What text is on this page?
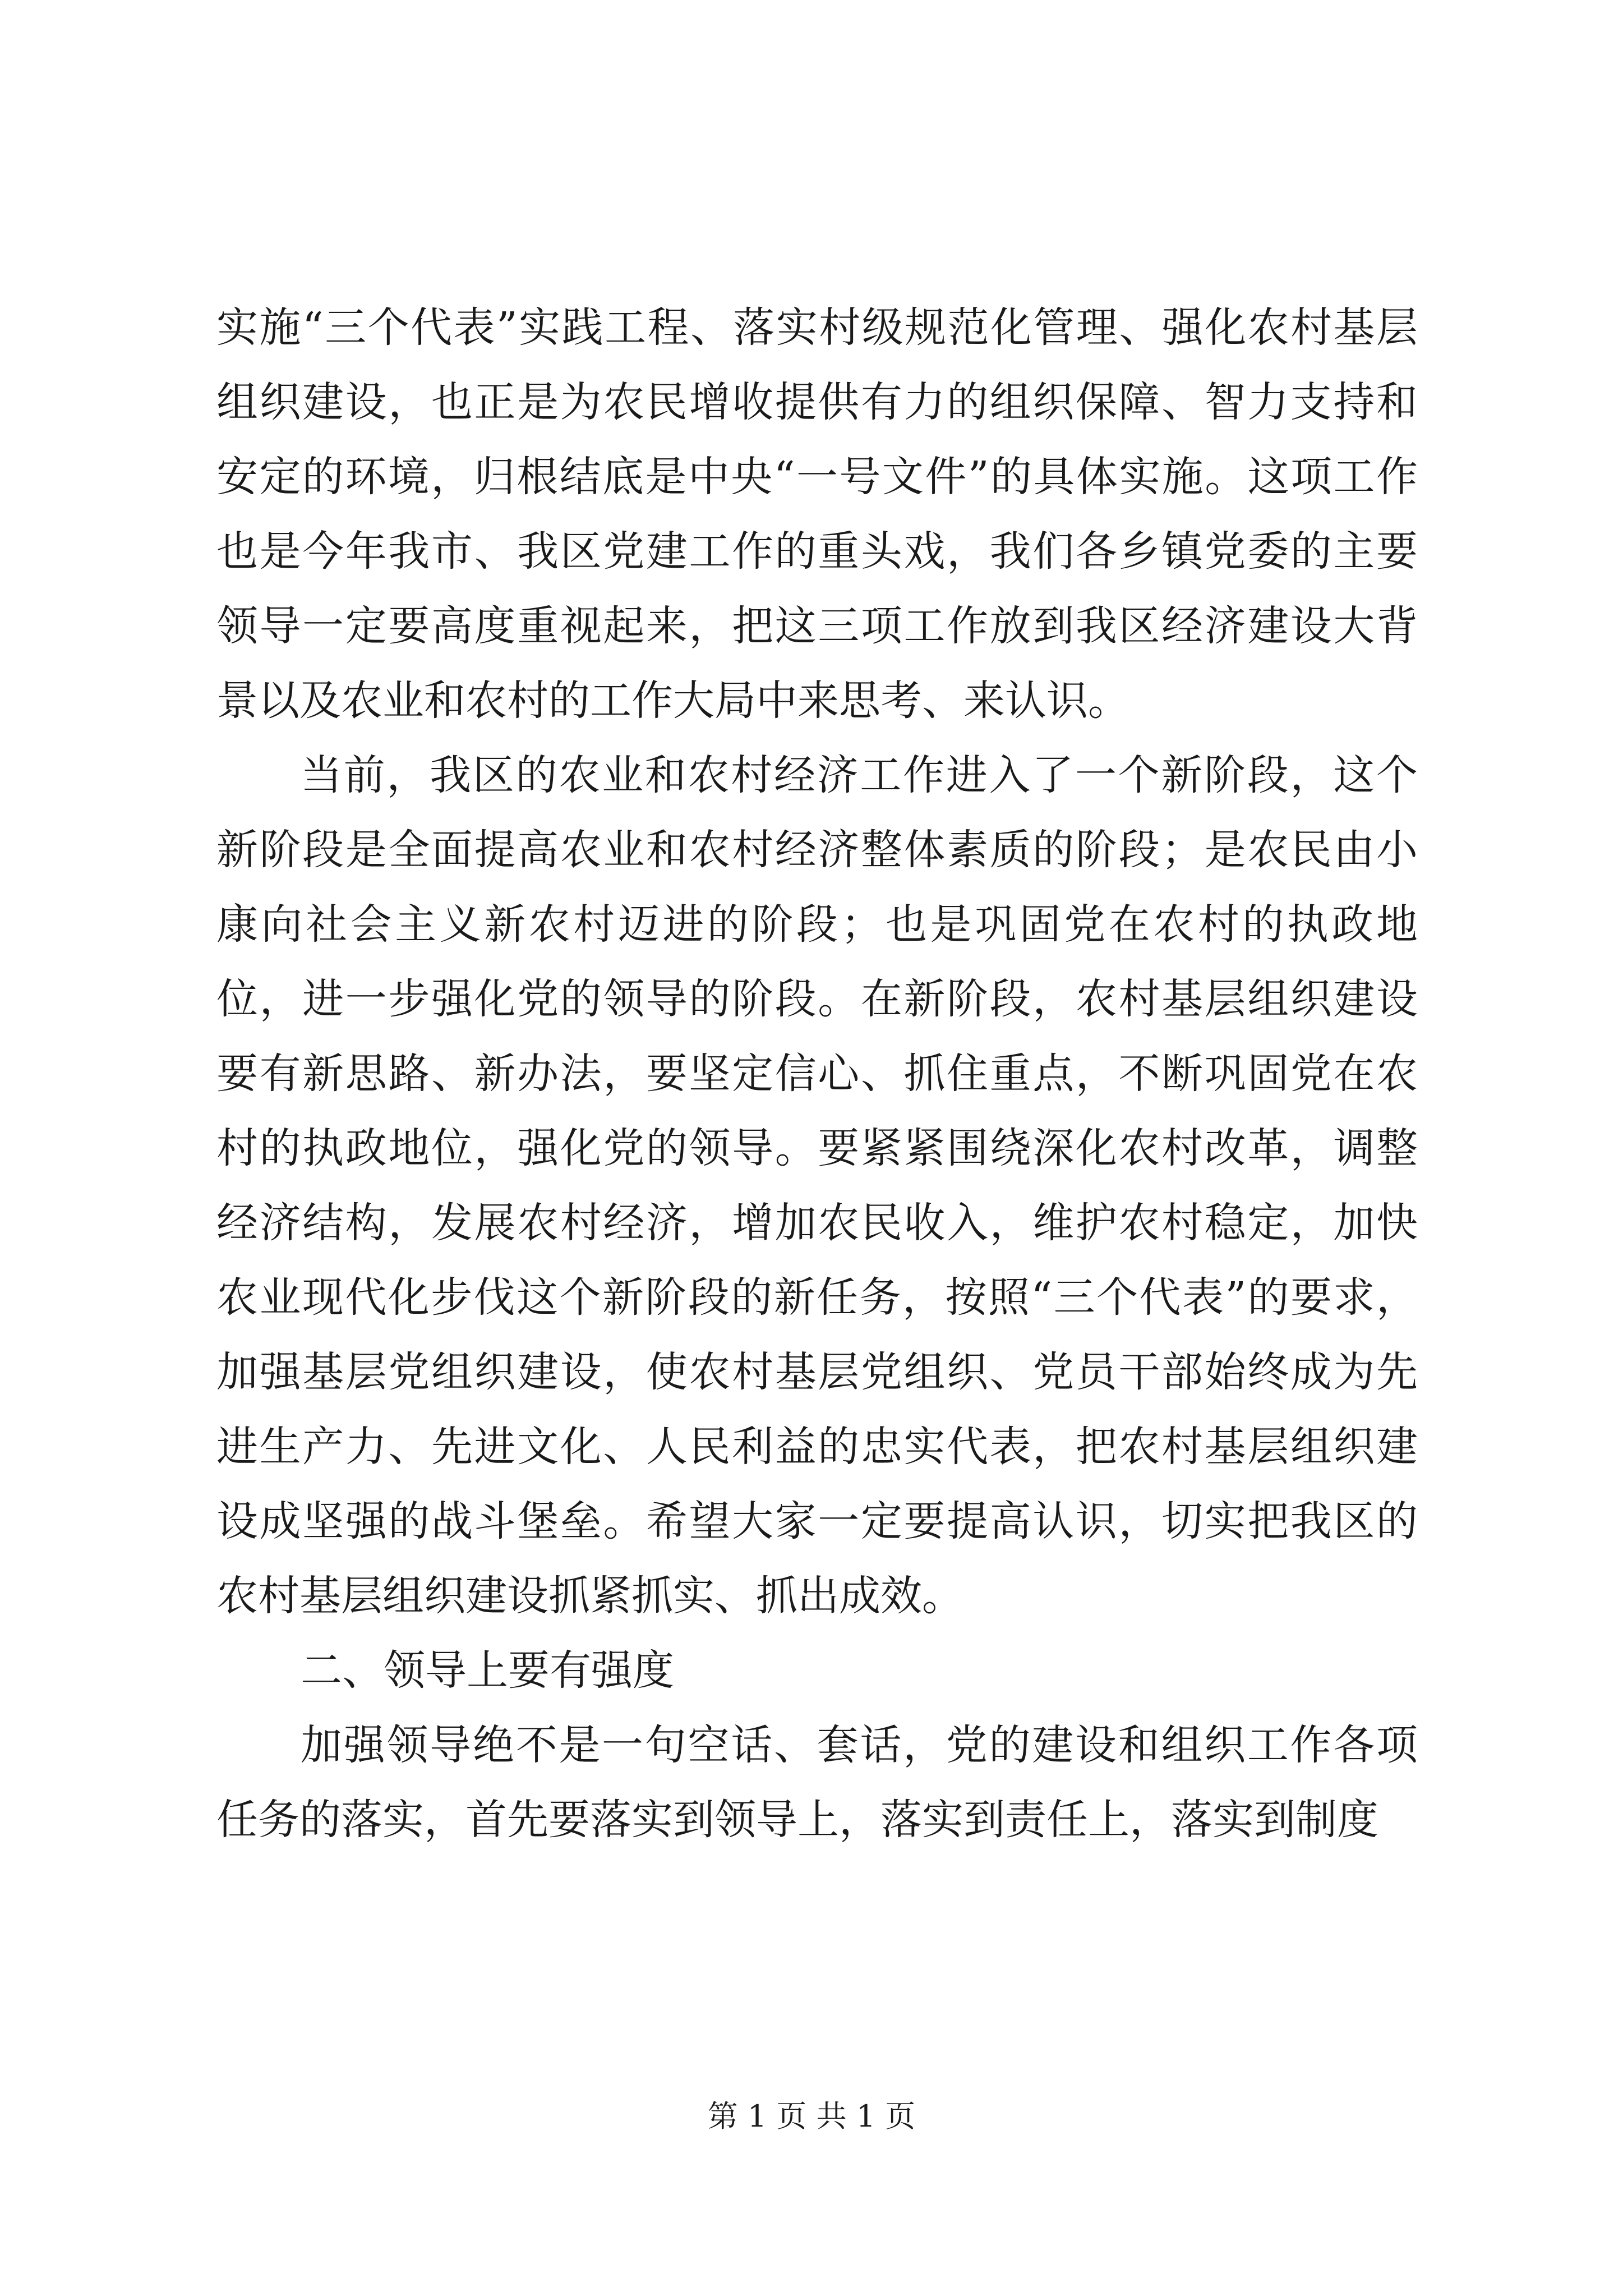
实施“三个代表”实践工程、落实村级规范化管理、强化农村基层组织建设，也正是为农民增收提供有力的组织保障、智力支持和安定的环境，归根结底是中央“一号文件”的具体实施。这项工作也是今年我市、我区党建工作的重头戏，我们各乡镇党委的主要领导一定要高度重视起来，把这三项工作放到我区经济建设大背景以及农业和农村的工作大局中来思考、来认识。

当前，我区的农业和农村经济工作进入了一个新阶段，这个新阶段是全面提高农业和农村经济整体素质的阶段；是农民由小康向社会主义新农村迈进的阶段；也是巩固党在农村的执政地位，进一步强化党的领导的阶段。在新阶段，农村基层组织建设要有新思路、新办法，要坚定信心、抓住重点，不断巩固党在农村的执政地位，强化党的领导。要紧紧围绕深化农村改革，调整经济结构，发展农村经济，增加农民收入，维护农村稳定，加快农业现代化步伐这个新阶段的新任务，按照“三个代表”的要求，加强基层党组织建设，使农村基层党组织、党员干部始终成为先进生产力、先进文化、人民利益的忠实代表，把农村基层组织建设成坚强的战斗堡垒。希望大家一定要提高认识，切实把我区的农村基层组织建设抓紧抓实、抓出成效。

二、领导上要有强度

加强领导绝不是一句空话、套话，党的建设和组织工作各项任务的落实，首先要落实到领导上，落实到责任上，落实到制度

第 1 页 共 1 页
